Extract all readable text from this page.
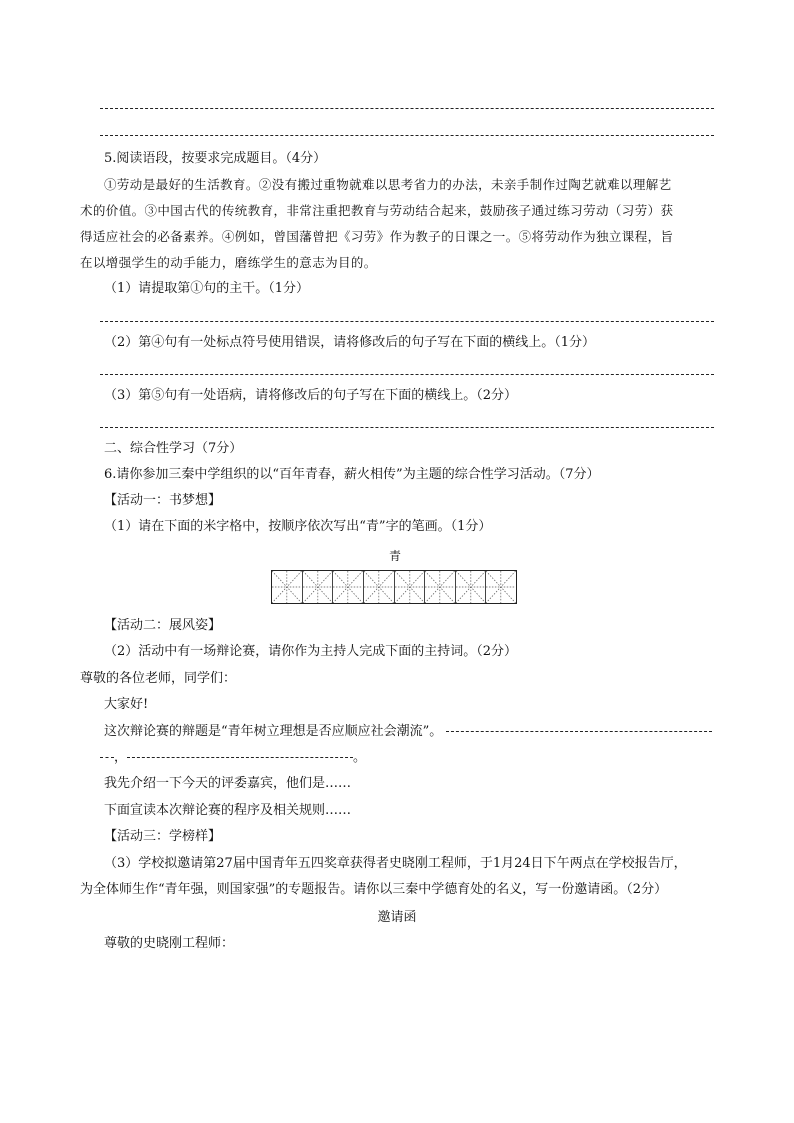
5.阅读语段，按要求完成题目。（4分）
①劳动是最好的生活教育。②没有搬过重物就难以思考省力的办法，未亲手制作过陶艺就难以理解艺
术的价值。③中国古代的传统教育，非常注重把教育与劳动结合起来，鼓励孩子通过练习劳动（习劳）获
得适应社会的必备素养。④例如，曾国藩曾把《习劳》作为教子的日课之一。⑤将劳动作为独立课程，旨
在以增强学生的动手能力，磨练学生的意志为目的。
（1）请提取第①句的主干。（1分）
（2）第④句有一处标点符号使用错误，请将修改后的句子写在下面的横线上。（1分）
（3）第⑤句有一处语病，请将修改后的句子写在下面的横线上。（2分）
二、综合性学习（7分）
6.请你参加三秦中学组织的以“百年青春，薪火相传”为主题的综合性学习活动。（7分）
【活动一：书梦想】
（1）请在下面的米字格中，按顺序依次写出“青”字的笔画。（1分）
青
【活动二：展风姿】
（2）活动中有一场辩论赛，请你作为主持人完成下面的主持词。（2分）
尊敬的各位老师，同学们：
大家好!
这次辩论赛的辩题是“青年树立理想是否应顺应社会潮流”。
，	。
我先介绍一下今天的评委嘉宾，他们是……
下面宣读本次辩论赛的程序及相关规则……
【活动三：学榜样】
（3）学校拟邀请第27届中国青年五四奖章获得者史晓刚工程师，于1月24日下午两点在学校报告厅，
为全体师生作“青年强，则国家强”的专题报告。请你以三秦中学德育处的名义，写一份邀请函。（2分）
邀请函
尊敬的史晓刚工程师：
